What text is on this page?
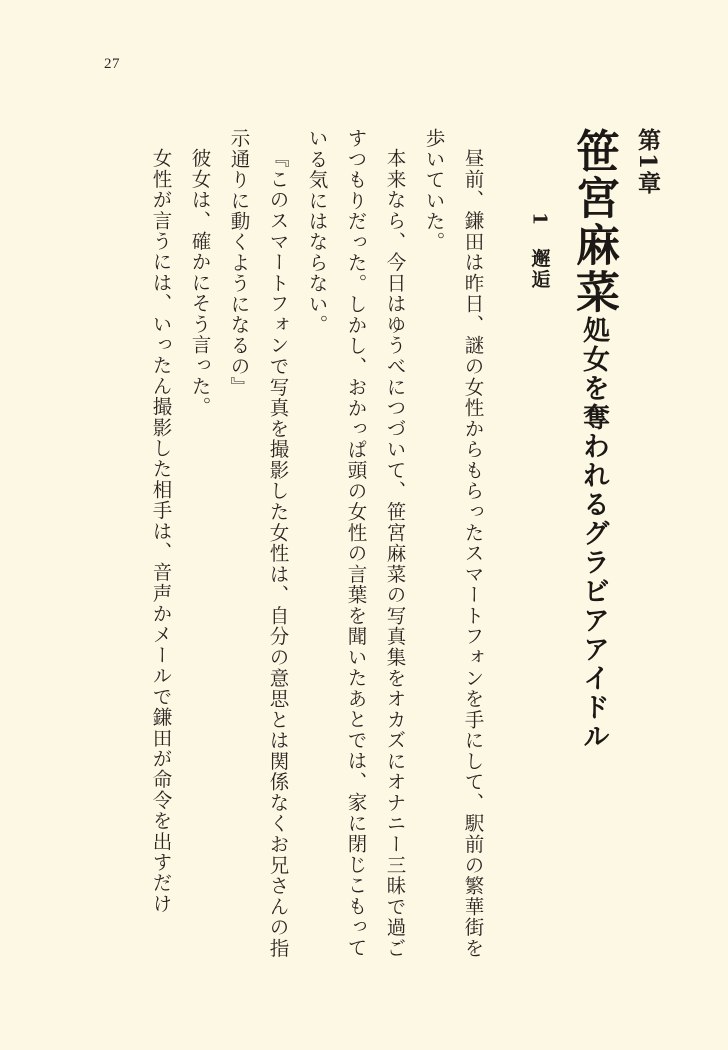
27
第1章
笹宮麻菜処女を奪われるグラビアアイドル
1　邂逅

昼前、鎌田は昨日、謎の女性からもらったスマートフォンを手にして、駅前の繁華街を歩いていた。

本来なら、今日はゆうべにつづいて、笹宮麻菜の写真集をオカズにオナニー三昧で過ごすつもりだった。しかし、おかっぱ頭の女性の言葉を聞いたあとでは、家に閉じこもっている気にはならない。

『このスマートフォンで写真を撮影した女性は、自分の意思とは関係なくお兄さんの指示通りに動くようになるの』

彼女は、確かにそう言った。

女性が言うには、いったん撮影した相手は、音声かメールで鎌田が命令を出すだけ
